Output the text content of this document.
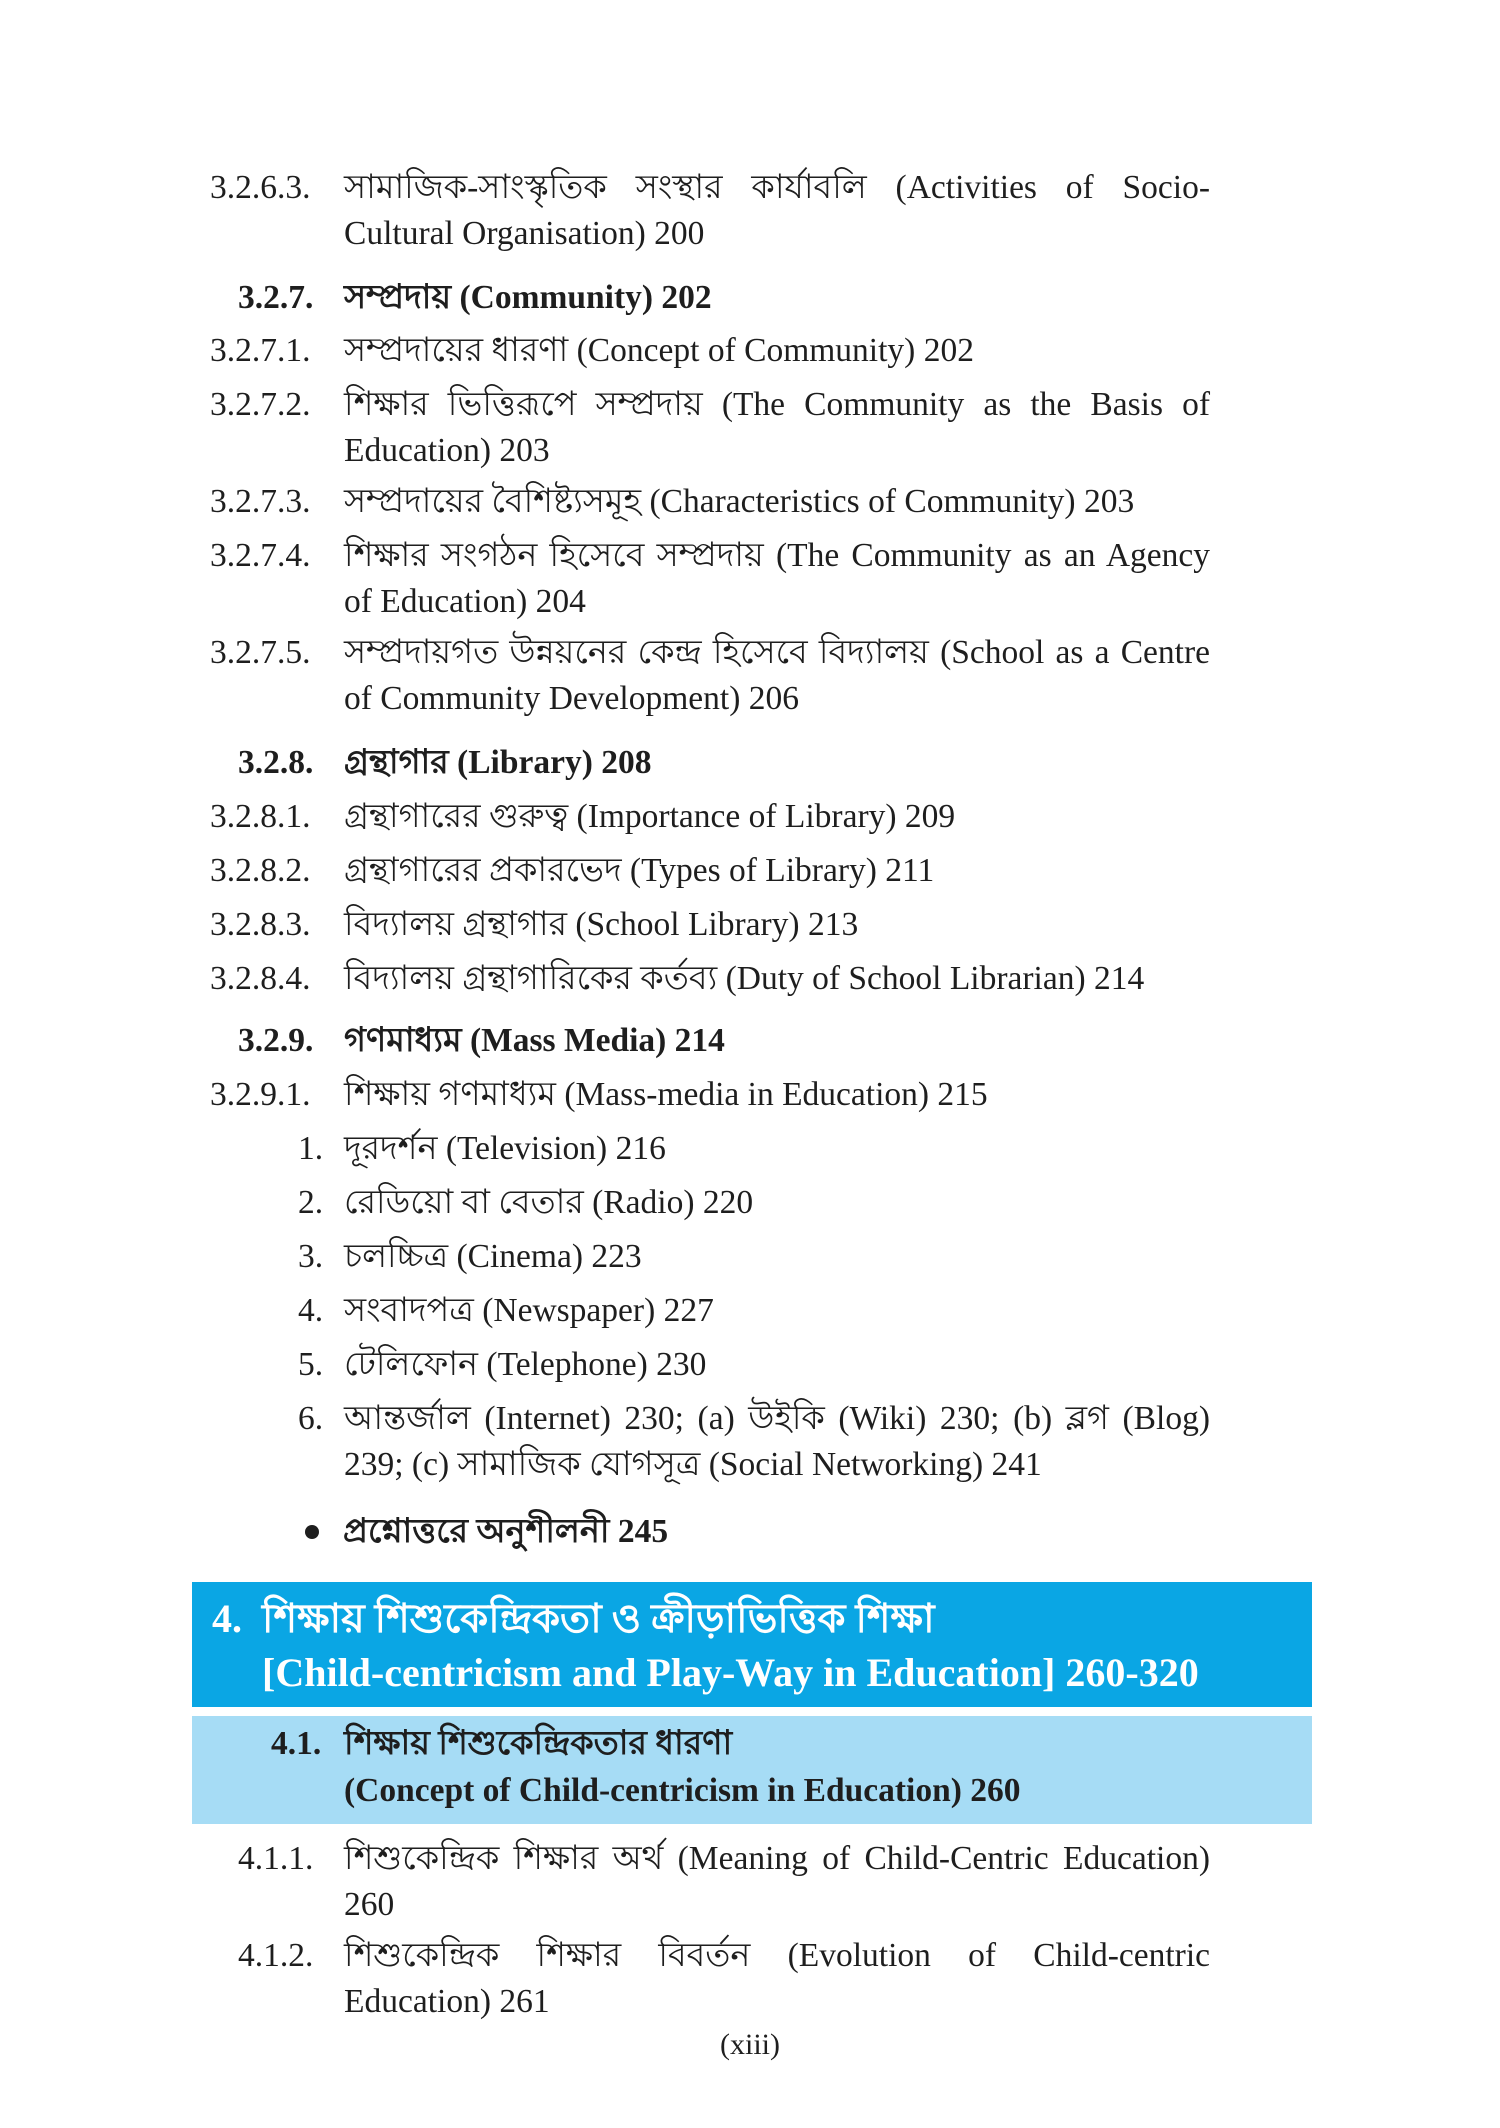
3.2.6.3. সামাজিক-সাংস্কৃতিক সংস্থার কার্যাবলি (Activities of Socio-Cultural Organisation) 200
3.2.7. সম্প্রদায় (Community) 202
3.2.7.1. সম্প্রদায়ের ধারণা (Concept of Community) 202
3.2.7.2. শিক্ষার ভিত্তিরূপে সম্প্রদায় (The Community as the Basis of Education) 203
3.2.7.3. সম্প্রদায়ের বৈশিষ্ট্যসমূহ (Characteristics of Community) 203
3.2.7.4. শিক্ষার সংগঠন হিসেবে সম্প্রদায় (The Community as an Agency of Education) 204
3.2.7.5. সম্প্রদায়গত উন্নয়নের কেন্দ্র হিসেবে বিদ্যালয় (School as a Centre of Community Development) 206
3.2.8. গ্রন্থাগার (Library) 208
3.2.8.1. গ্রন্থাগারের গুরুত্ব (Importance of Library) 209
3.2.8.2. গ্রন্থাগারের প্রকারভেদ (Types of Library) 211
3.2.8.3. বিদ্যালয় গ্রন্থাগার (School Library) 213
3.2.8.4. বিদ্যালয় গ্রন্থাগারিকের কর্তব্য (Duty of School Librarian) 214
3.2.9. গণমাধ্যম (Mass Media) 214
3.2.9.1. শিক্ষায় গণমাধ্যম (Mass-media in Education) 215
1. দূরদর্শন (Television) 216
2. রেডিয়ো বা বেতার (Radio) 220
3. চলচ্চিত্র (Cinema) 223
4. সংবাদপত্র (Newspaper) 227
5. টেলিফোন (Telephone) 230
6. আন্তর্জাল (Internet) 230; (a) উইকি (Wiki) 230; (b) ব্লগ (Blog) 239; (c) সামাজিক যোগসূত্র (Social Networking) 241
প্রশ্নোত্তরে অনুশীলনী 245
4. শিক্ষায় শিশুকেন্দ্রিকতা ও ক্রীড়াভিত্তিক শিক্ষা
[Child-centricism and Play-Way in Education] 260-320
4.1. শিক্ষায় শিশুকেন্দ্রিকতার ধারণা
(Concept of Child-centricism in Education) 260
4.1.1. শিশুকেন্দ্রিক শিক্ষার অর্থ (Meaning of Child-Centric Education) 260
4.1.2. শিশুকেন্দ্রিক শিক্ষার বিবর্তন (Evolution of Child-centric Education) 261
(xiii)
